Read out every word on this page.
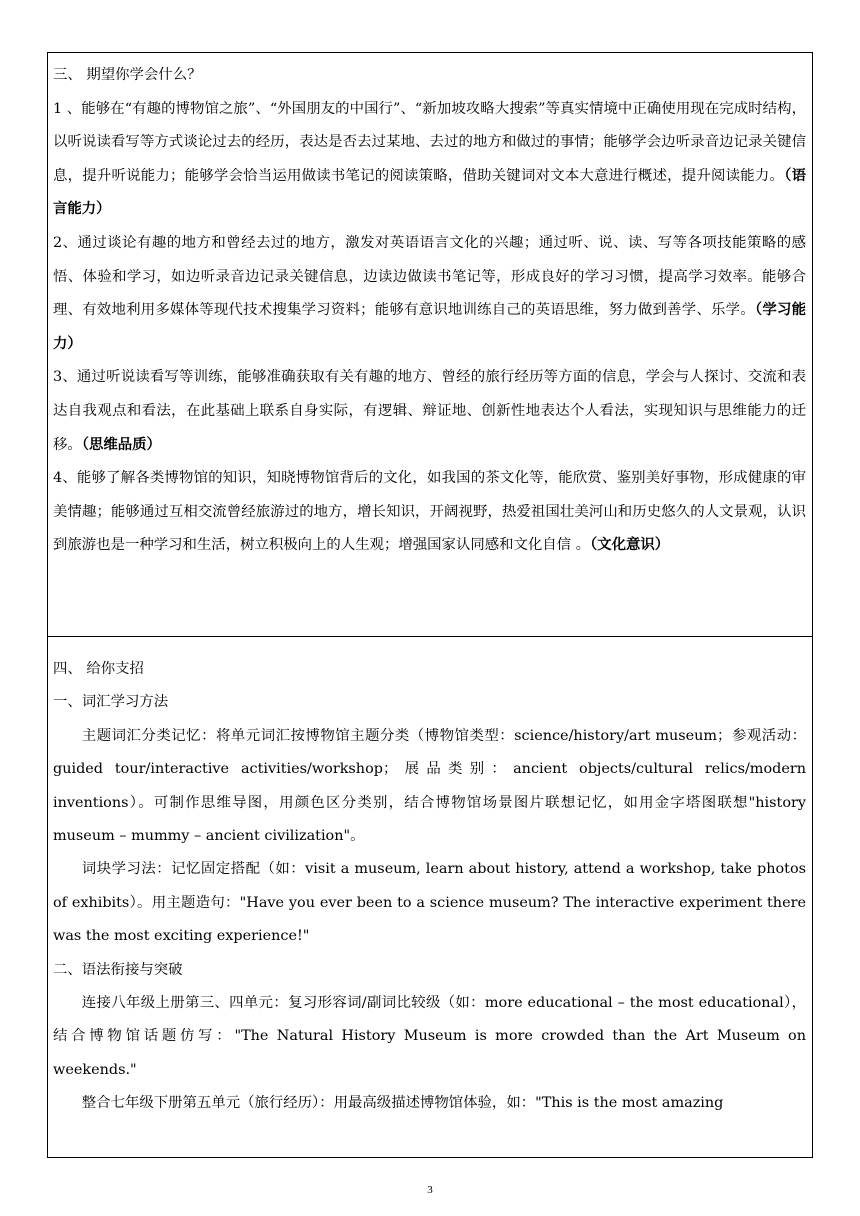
三、 期望你学会什么？

1 、能够在“有趣的博物馆之旅”、“外国朋友的中国行”、“新加坡攻略大搜索”等真实情境中正确使用现在完成时结构，以听说读看写等方式谈论过去的经历，表达是否去过某地、去过的地方和做过的事情；能够学会边听录音边记录关键信息，提升听说能力；能够学会恰当运用做读书笔记的阅读策略，借助关键词对文本大意进行概述，提升阅读能力。（语言能力）

2、通过谈论有趣的地方和曾经去过的地方，激发对英语语言文化的兴趣；通过听、说、读、写等各项技能策略的感悟、体验和学习，如边听录音边记录关键信息，边读边做读书笔记等，形成良好的学习习惯，提高学习效率。能够合理、有效地利用多媒体等现代技术搜集学习资料；能够有意识地训练自己的英语思维，努力做到善学、乐学。（学习能力）

3、通过听说读看写等训练，能够准确获取有关有趣的地方、曾经的旅行经历等方面的信息，学会与人探讨、交流和表达自我观点和看法，在此基础上联系自身实际，有逻辑、辩证地、创新性地表达个人看法，实现知识与思维能力的迁移。（思维品质）

4、能够了解各类博物馆的知识，知晓博物馆背后的文化，如我国的茶文化等，能欣赏、鉴别美好事物，形成健康的审美情趣；能够通过互相交流曾经旅游过的地方，增长知识，开阔视野，热爱祖国壮美河山和历史悠久的人文景观，认识到旅游也是一种学习和生活，树立积极向上的人生观；增强国家认同感和文化自信 。（文化意识）

四、 给你支招

一、词汇学习方法

主题词汇分类记忆：将单元词汇按博物馆主题分类（博物馆类型：science/history/art museum；参观活动：guided tour/interactive activities/workshop；展品类别：ancient objects/cultural relics/modern inventions）。可制作思维导图，用颜色区分类别，结合博物馆场景图片联想记忆，如用金字塔图联想"history museum – mummy – ancient civilization"。

词块学习法：记忆固定搭配（如：visit a museum, learn about history, attend a workshop, take photos of exhibits）。用主题造句："Have you ever been to a science museum? The interactive experiment there was the most exciting experience!"

二、语法衔接与突破

连接八年级上册第三、四单元：复习形容词/副词比较级（如：more educational – the most educational），结合博物馆话题仿写："The Natural History Museum is more crowded than the Art Museum on weekends."

整合七年级下册第五单元（旅行经历）：用最高级描述博物馆体验，如："This is the most amazing

3
